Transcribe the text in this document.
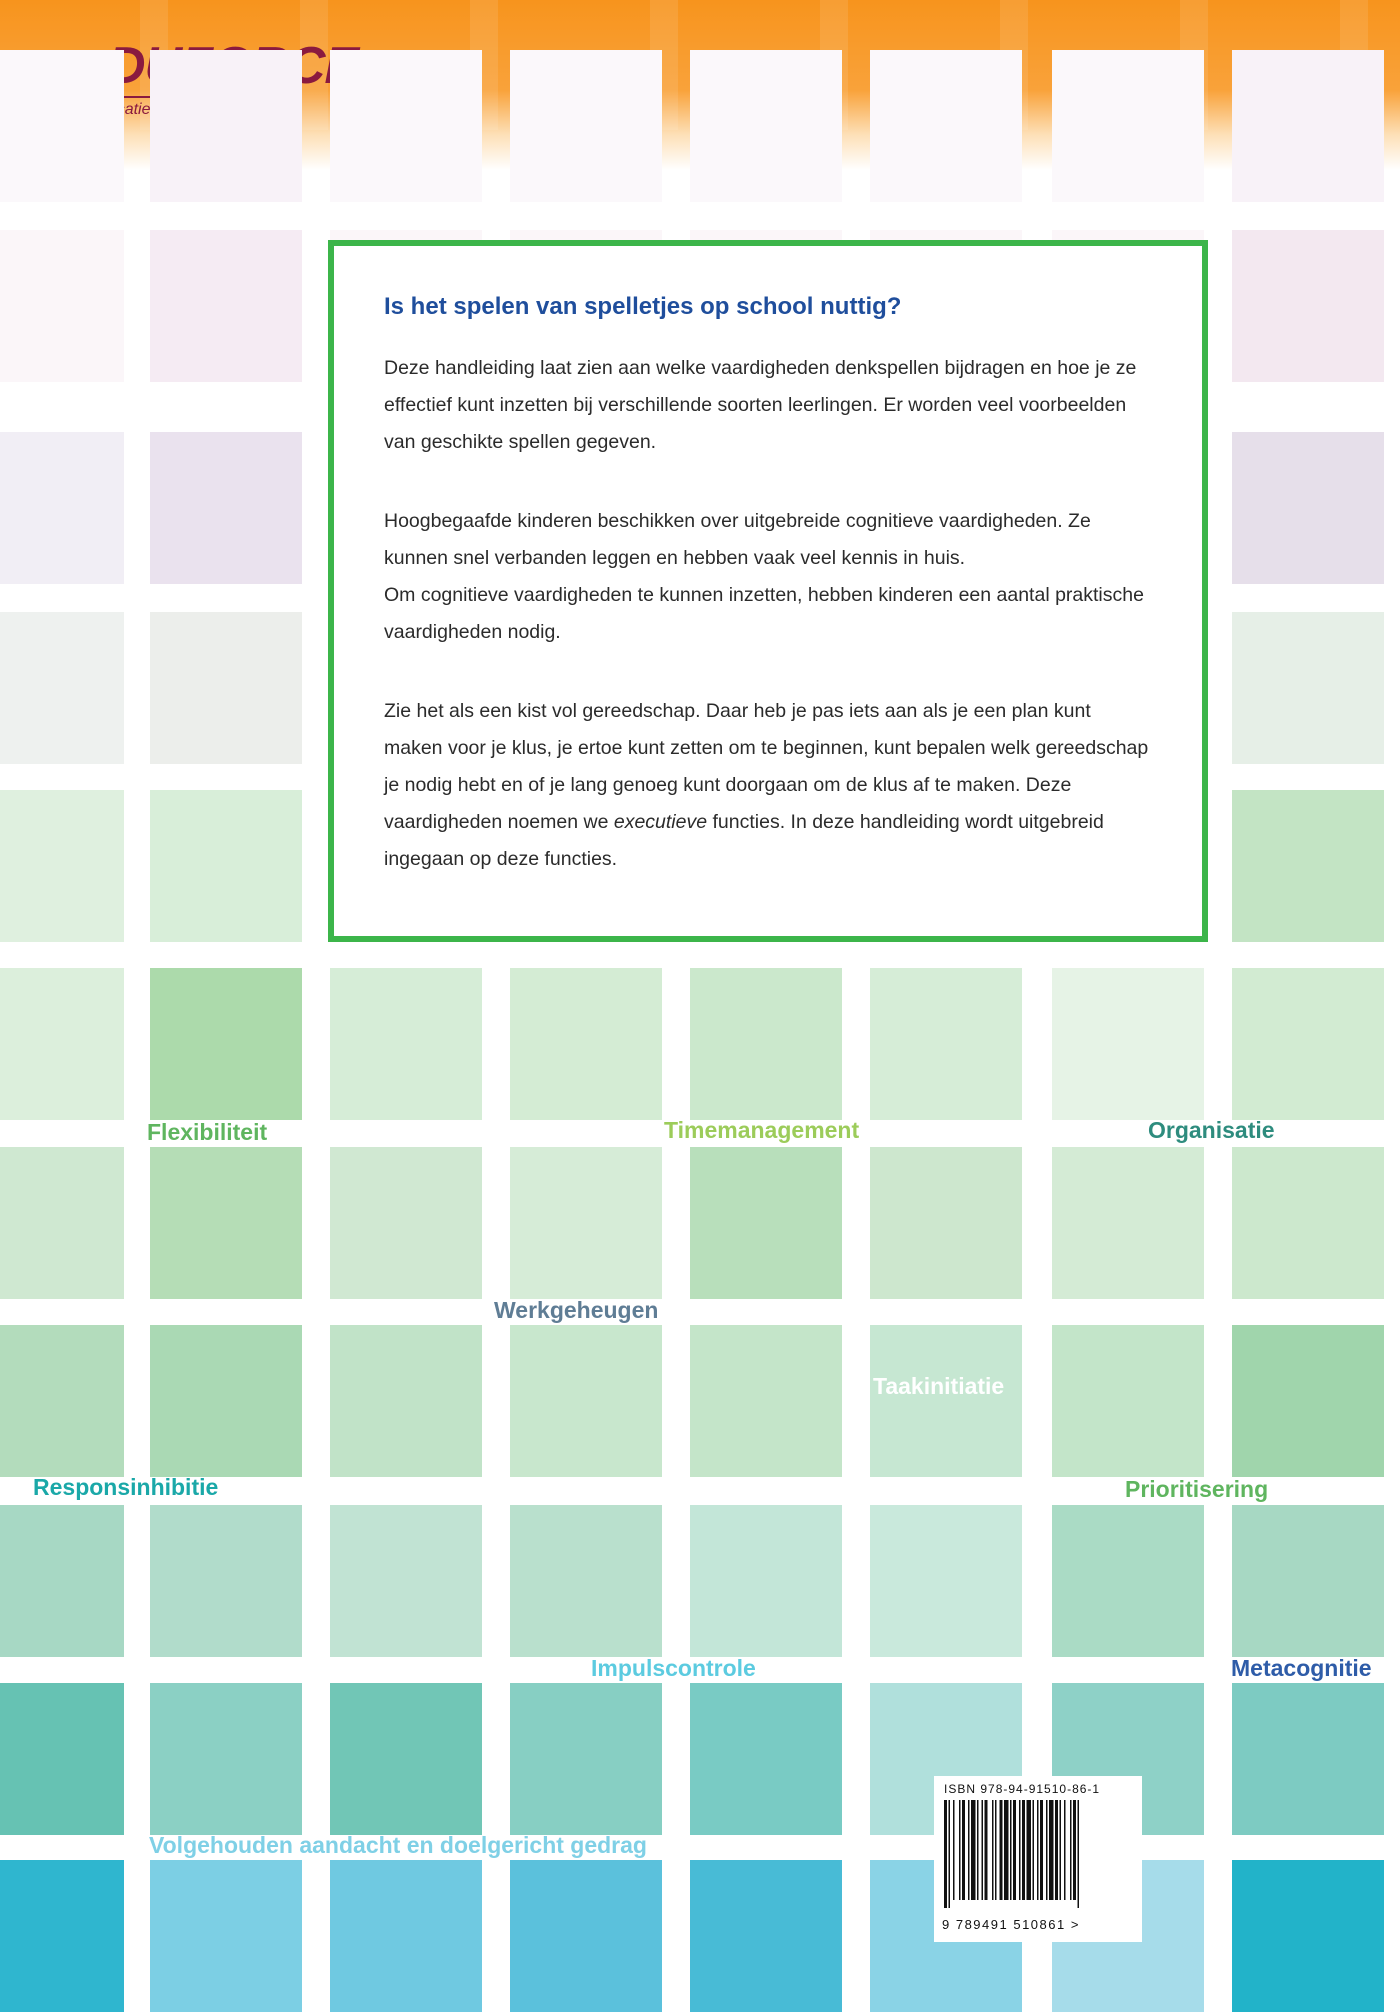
educatieve
Is het spelen van spelletjes op school nuttig?

Deze handleiding laat zien aan welke vaardigheden denkspellen bijdragen en hoe je ze effectief kunt inzetten bij verschillende soorten leerlingen. Er worden veel voorbeelden van geschikte spellen gegeven.

Hoogbegaafde kinderen beschikken over uitgebreide cognitieve vaardigheden. Ze kunnen snel verbanden leggen en hebben vaak veel kennis in huis.
Om cognitieve vaardigheden te kunnen inzetten, hebben kinderen een aantal praktische vaardigheden nodig.

Zie het als een kist vol gereedschap. Daar heb je pas iets aan als je een plan kunt maken voor je klus, je ertoe kunt zetten om te beginnen, kunt bepalen welk gereedschap je nodig hebt en of je lang genoeg kunt doorgaan om de klus af te maken. Deze vaardigheden noemen we executieve functies. In deze handleiding wordt uitgebreid ingegaan op deze functies.

Flexibiliteit	Timemanagement	Organisatie
Werkgeheugen
Taakinitiatie
Responsinhibitie	Prioritisering
Impulscontrole	Metacognitie
Volgehouden aandacht en doelgericht gedrag
ISBN 978-94-91510-86-1
9 789491 510861 >
